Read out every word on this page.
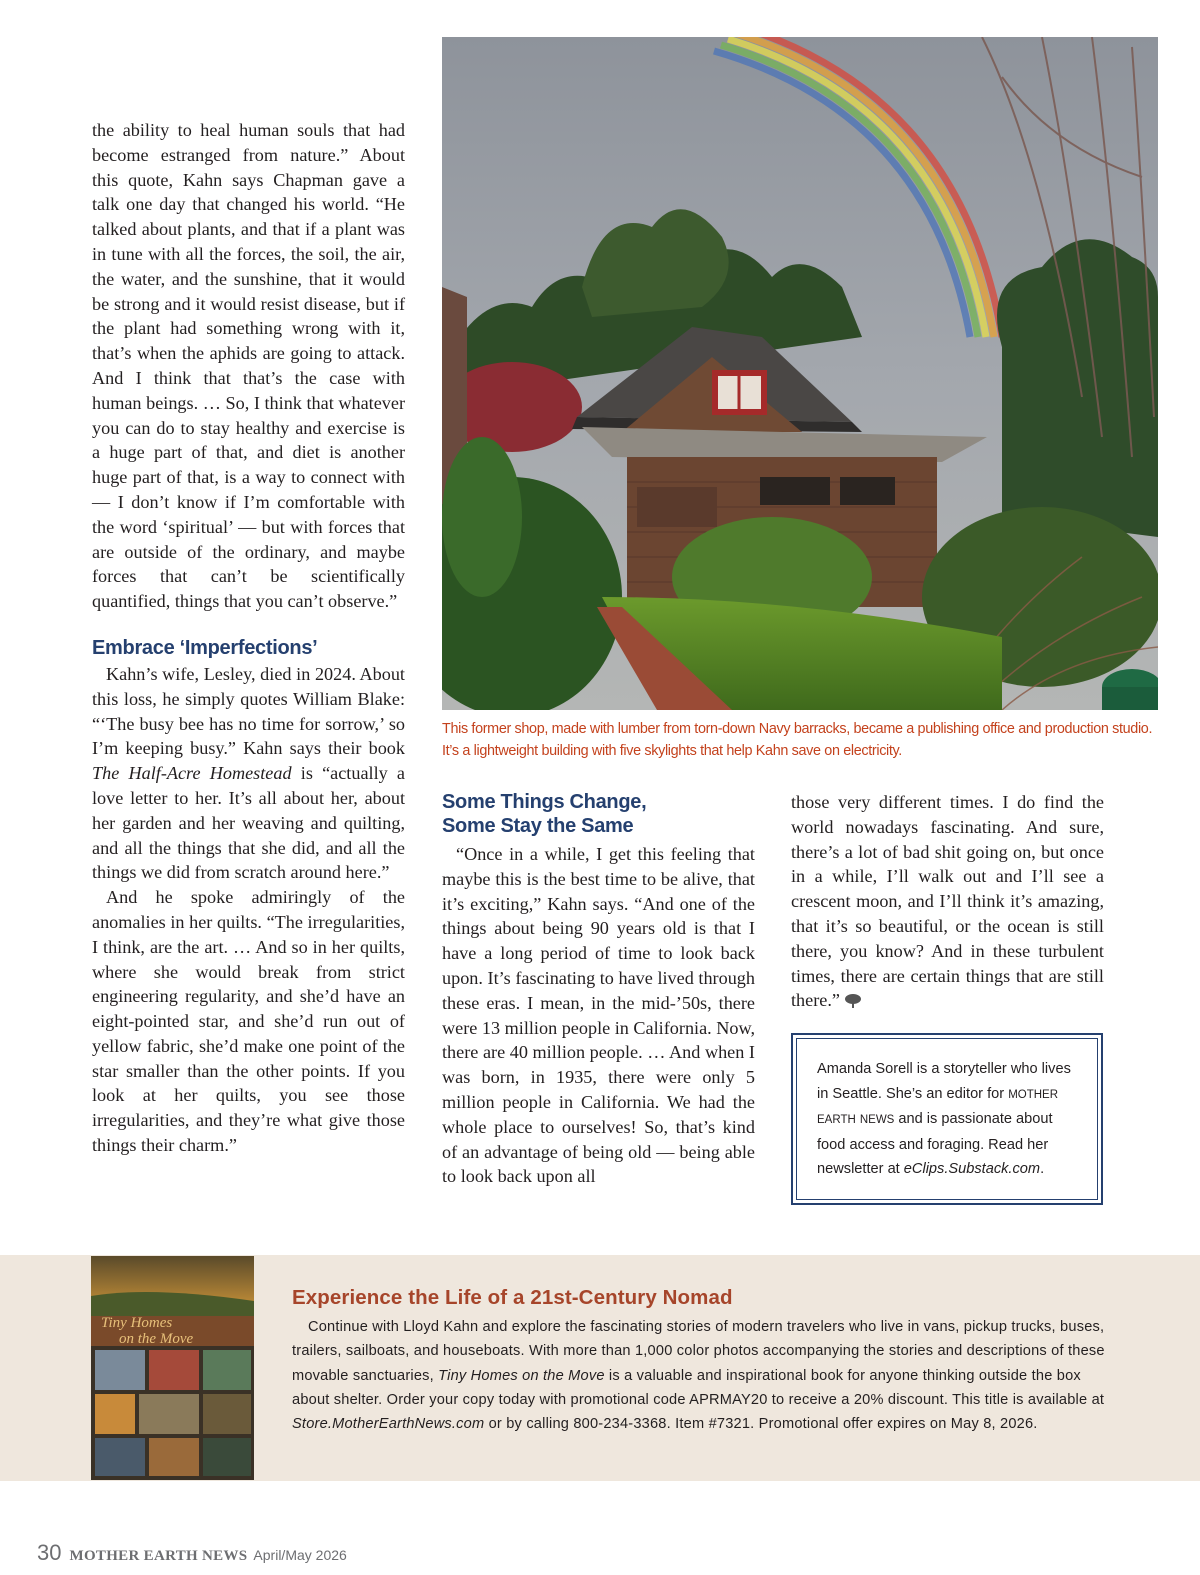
the ability to heal human souls that had become estranged from nature.” About this quote, Kahn says Chapman gave a talk one day that changed his world. “He talked about plants, and that if a plant was in tune with all the forces, the soil, the air, the water, and the sunshine, that it would be strong and it would resist disease, but if the plant had something wrong with it, that’s when the aphids are going to attack. And I think that that’s the case with human beings. … So, I think that whatever you can do to stay healthy and exercise is a huge part of that, and diet is another huge part of that, is a way to connect with — I don’t know if I’m comfortable with the word ‘spiritual’ — but with forces that are outside of the ordinary, and maybe forces that can’t be scientifically quantified, things that you can’t observe.”

Embrace ‘Imperfections’

Kahn’s wife, Lesley, died in 2024. About this loss, he simply quotes William Blake: “‘The busy bee has no time for sorrow,’ so I’m keeping busy.” Kahn says their book The Half-Acre Homestead is “actually a love letter to her. It’s all about her, about her garden and her weaving and quilting, and all the things that she did, and all the things we did from scratch around here.”

And he spoke admiringly of the anomalies in her quilts. “The irregularities, I think, are the art. … And so in her quilts, where she would break from strict engineering regularity, and she’d have an eight-pointed star, and she’d run out of yellow fabric, she’d make one point of the star smaller than the other points. If you look at her quilts, you see those irregularities, and they’re what give those things their charm.”

This former shop, made with lumber from torn-down Navy barracks, became a publishing office and production studio. It’s a lightweight building with five skylights that help Kahn save on electricity.
Some Things Change,
Some Stay the Same

“Once in a while, I get this feeling that maybe this is the best time to be alive, that it’s exciting,” Kahn says. “And one of the things about being 90 years old is that I have a long period of time to look back upon. It’s fascinating to have lived through these eras. I mean, in the mid-’50s, there were 13 million people in California. Now, there are 40 million people. … And when I was born, in 1935, there were only 5 million people in California. We had the whole place to ourselves! So, that’s kind of an advantage of being old — being able to look back upon all

those very different times. I do find the world nowadays fascinating. And sure, there’s a lot of bad shit going on, but once in a while, I’ll walk out and I’ll see a crescent moon, and I’ll think it’s amazing, that it’s so beautiful, or the ocean is still there, you know? And in these turbulent times, there are certain things that are still there.”

Amanda Sorell is a storyteller who lives in Seattle. She’s an editor for MOTHER EARTH NEWS and is passionate about food access and foraging. Read her newsletter at eClips.Substack.com.
Tiny Homes
on the Move
Experience the Life of a 21st-Century Nomad

Continue with Lloyd Kahn and explore the fascinating stories of modern travelers who live in vans, pickup trucks, buses, trailers, sailboats, and houseboats. With more than 1,000 color photos accompanying the stories and descriptions of these movable sanctuaries, Tiny Homes on the Move is a valuable and inspirational book for anyone thinking outside the box about shelter. Order your copy today with promotional code APRMAY20 to receive a 20% discount. This title is available at Store.MotherEarthNews.com or by calling 800-234-3368. Item #7321. Promotional offer expires on May 8, 2026.

30 MOTHER EARTH NEWS April/May 2026
